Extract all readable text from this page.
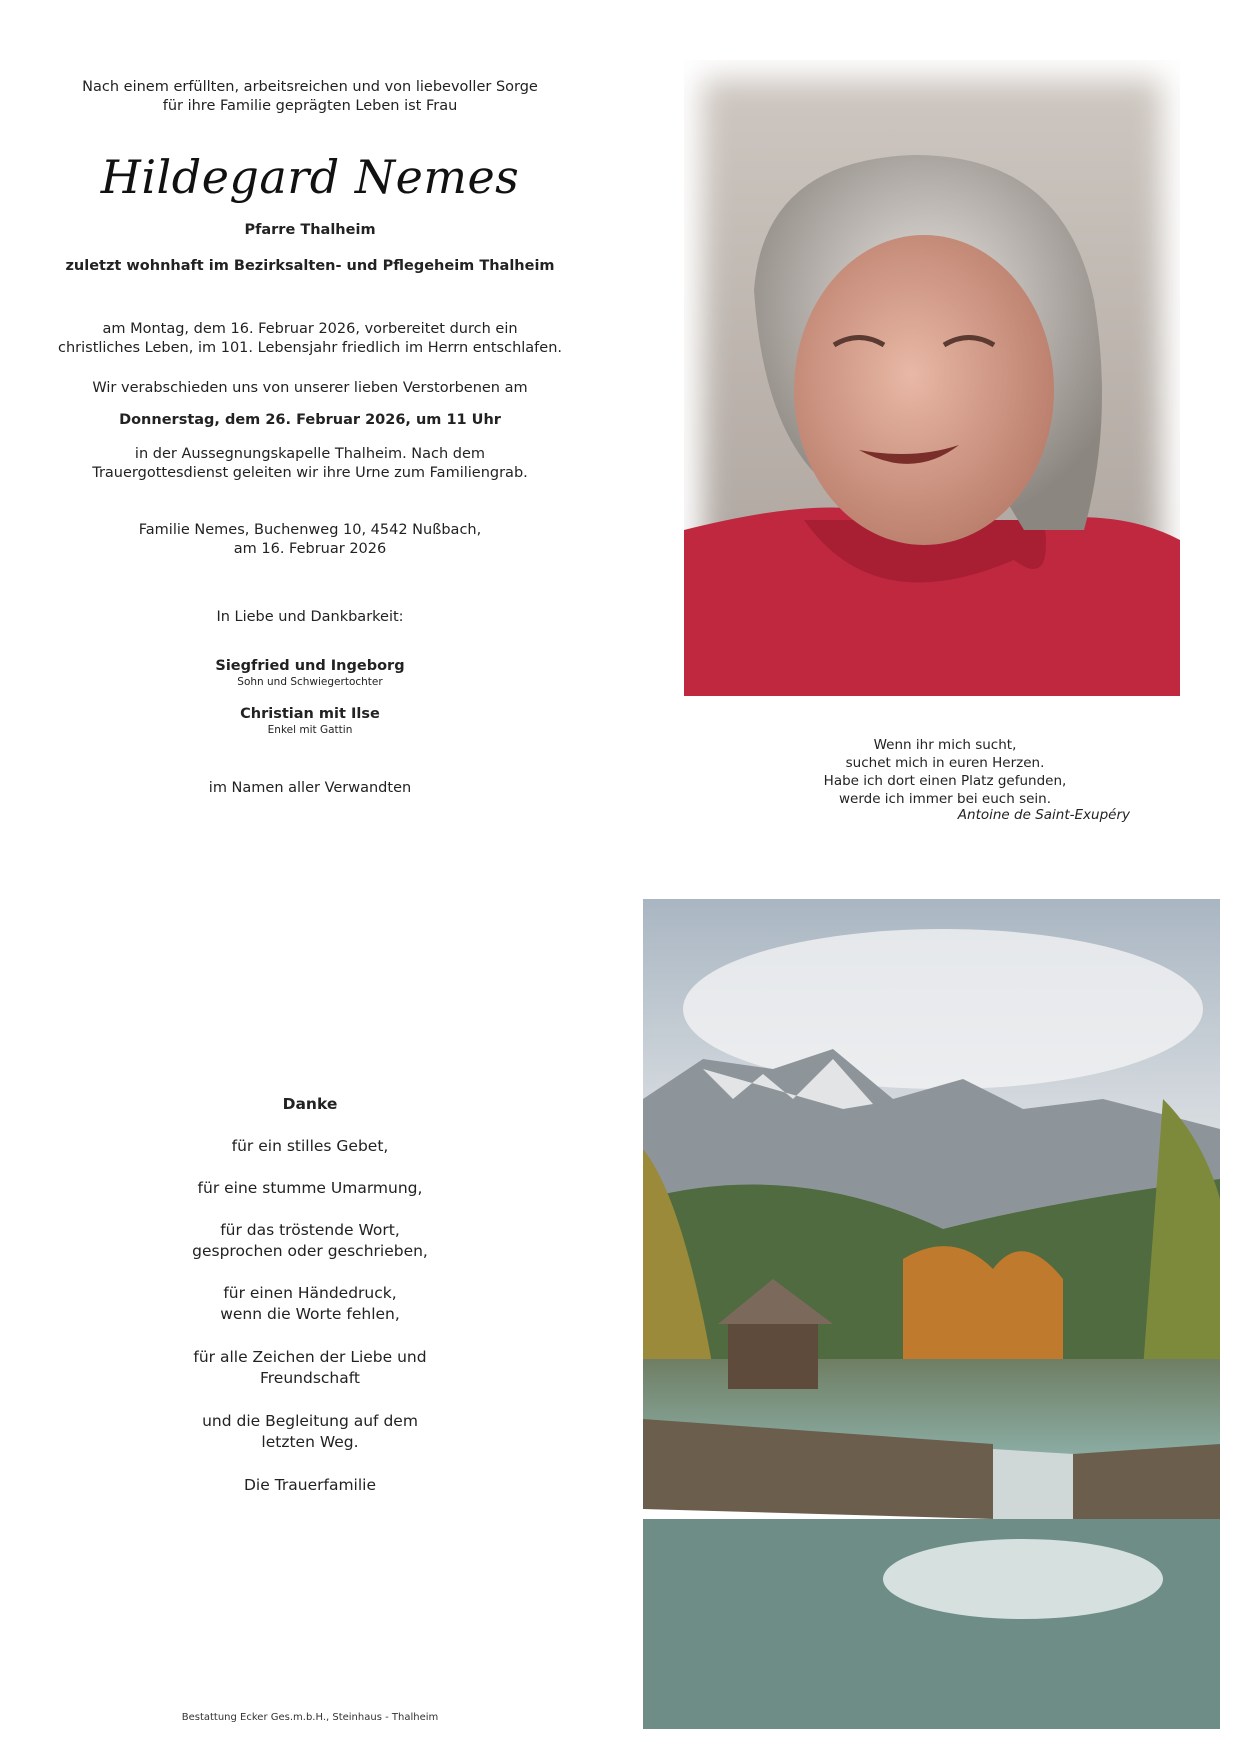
Nach einem erfüllten, arbeitsreichen und von liebevoller Sorge
für ihre Familie geprägten Leben ist Frau
Hildegard Nemes
Pfarre Thalheim
zuletzt wohnhaft im Bezirksalten- und Pflegeheim Thalheim
am Montag, dem 16. Februar 2026, vorbereitet durch ein
christliches Leben, im 101. Lebensjahr friedlich im Herrn entschlafen.
Wir verabschieden uns von unserer lieben Verstorbenen am
Donnerstag, dem 26. Februar 2026, um 11 Uhr
in der Aussegnungskapelle Thalheim. Nach dem
Trauergottesdienst geleiten wir ihre Urne zum Familiengrab.
Familie Nemes, Buchenweg 10, 4542 Nußbach,
am 16. Februar 2026
In Liebe und Dankbarkeit:
Siegfried und Ingeborg
Sohn und Schwiegertochter
Christian mit Ilse
Enkel mit Gattin
im Namen aller Verwandten
Wenn ihr mich sucht,
suchet mich in euren Herzen.
Habe ich dort einen Platz gefunden,
werde ich immer bei euch sein.
Antoine de Saint-Exupéry
Danke
für ein stilles Gebet,
für eine stumme Umarmung,
für das tröstende Wort,
gesprochen oder geschrieben,
für einen Händedruck,
wenn die Worte fehlen,
für alle Zeichen der Liebe und
Freundschaft
und die Begleitung auf dem
letzten Weg.
Die Trauerfamilie
Bestattung Ecker Ges.m.b.H., Steinhaus - Thalheim
